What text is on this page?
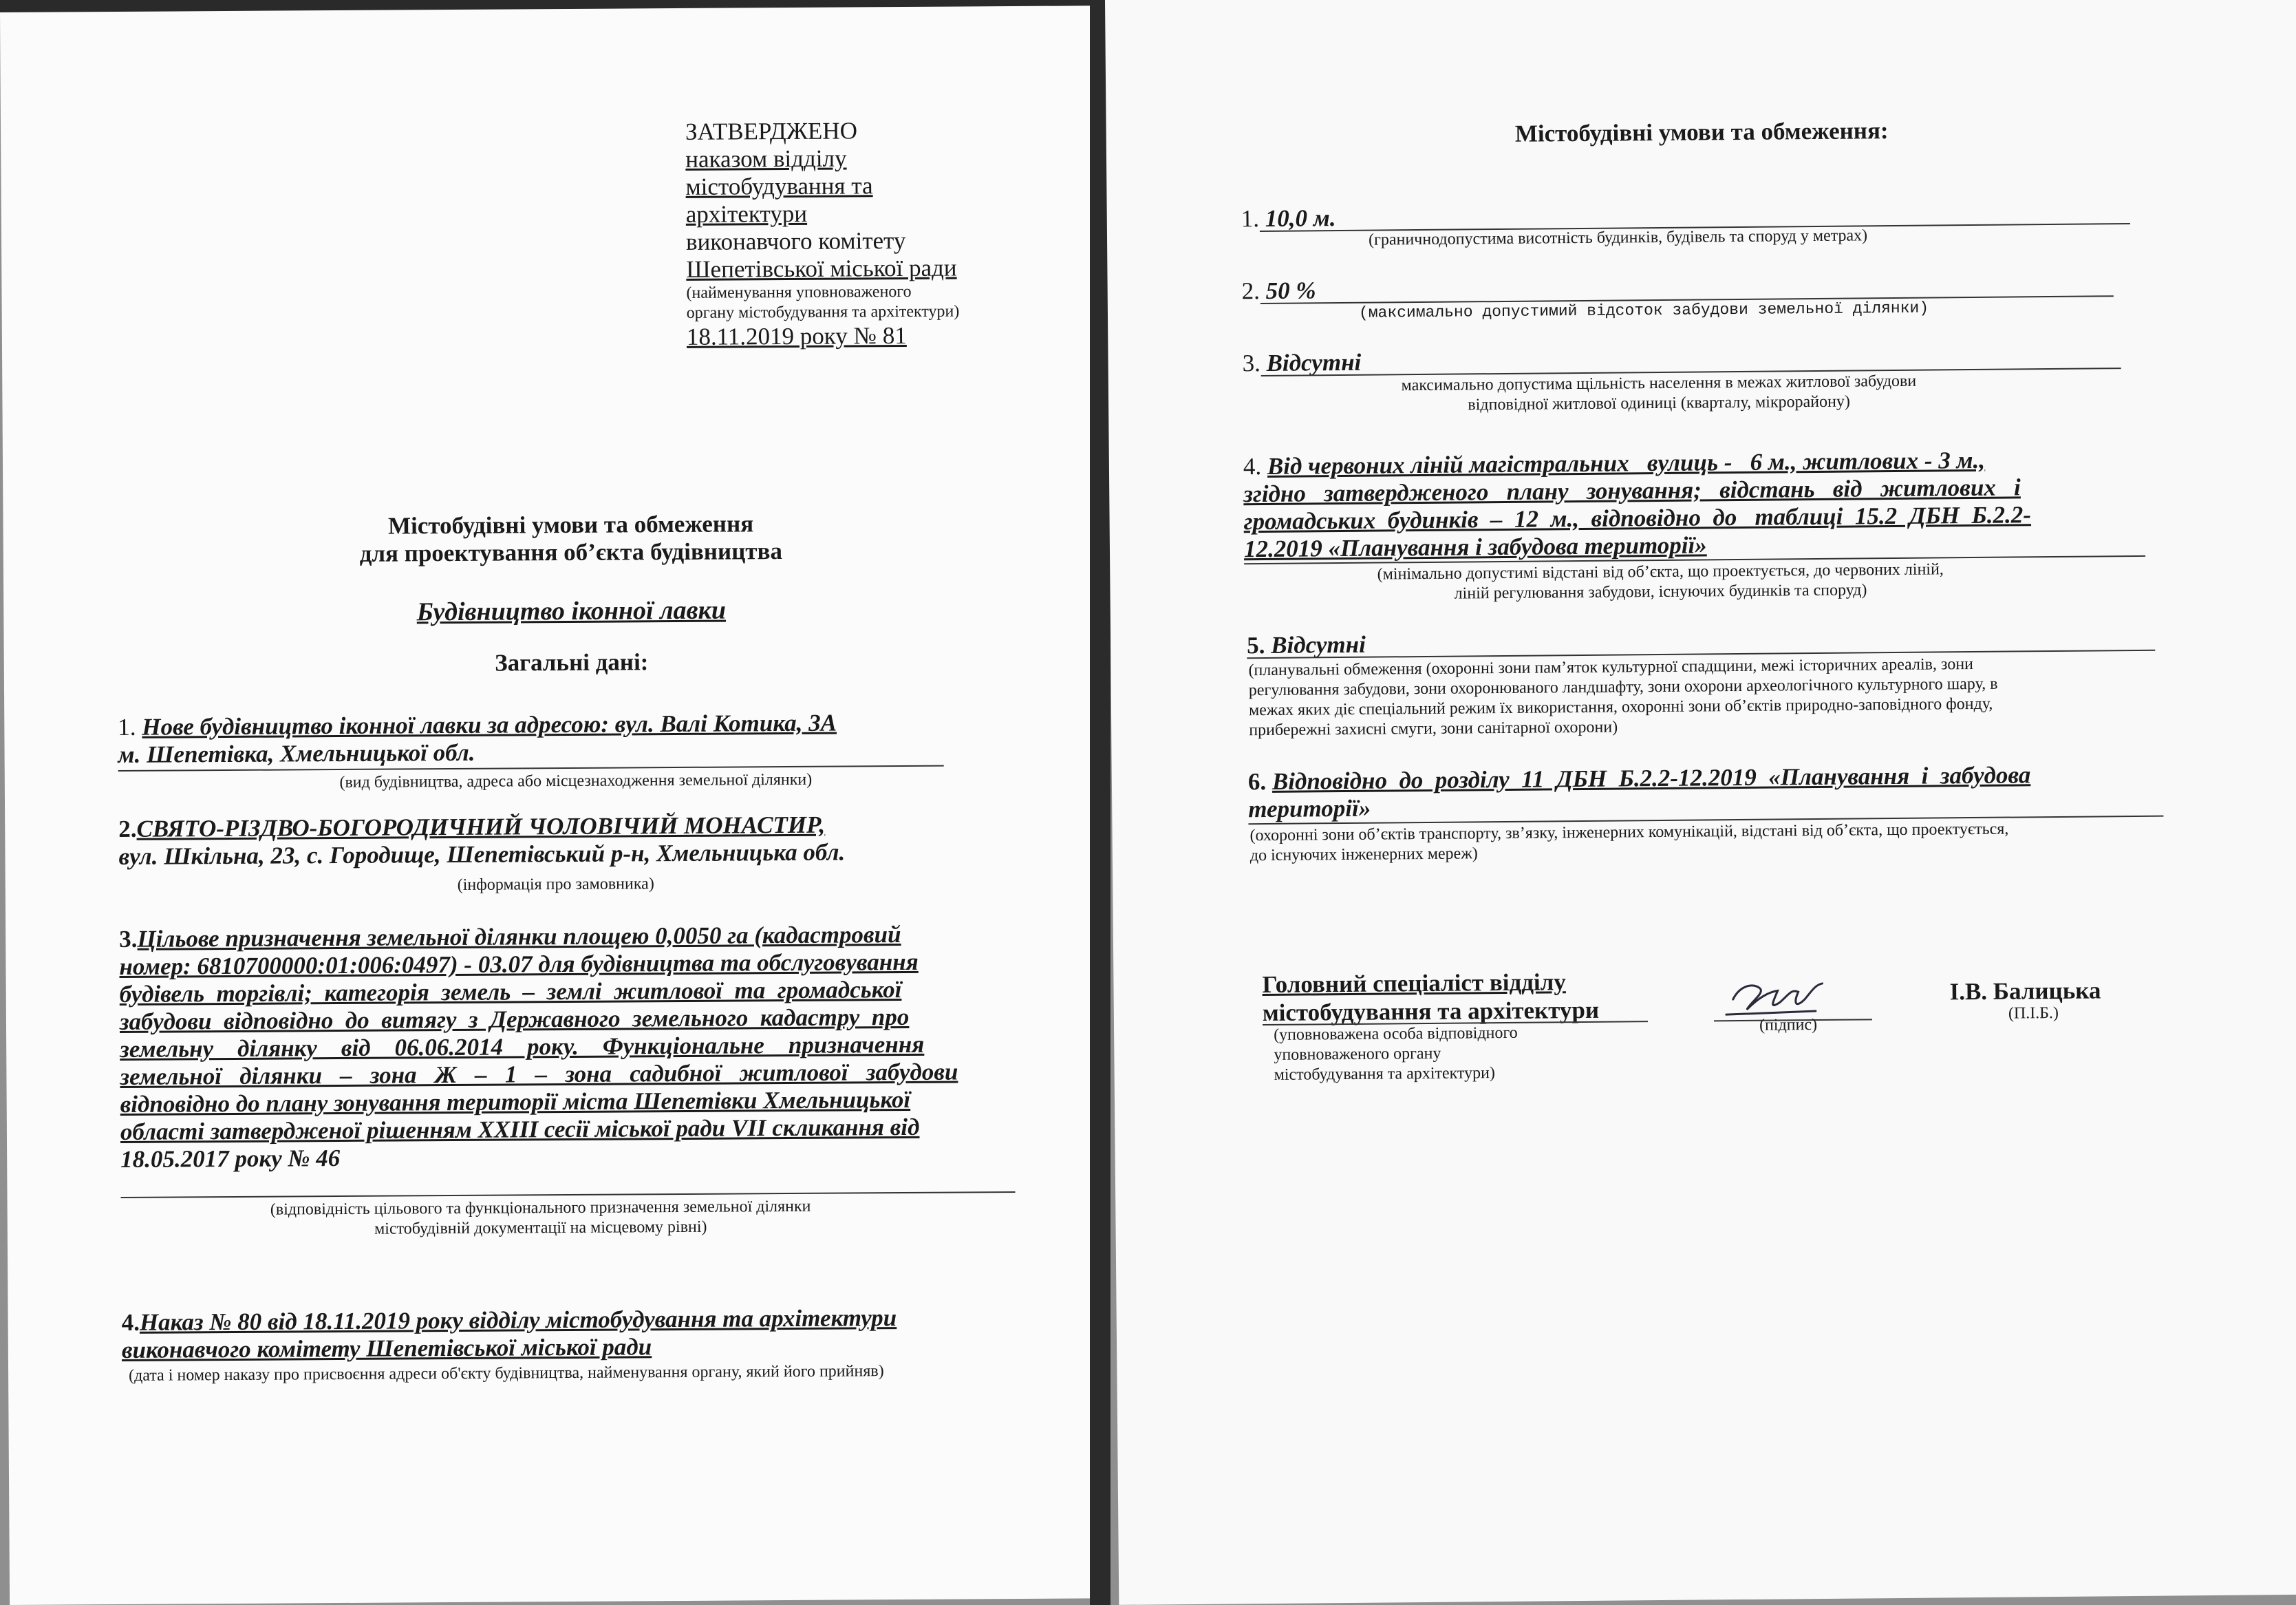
ЗАТВЕРДЖЕНО
наказом відділу
містобудування та
архітектури
виконавчого комітету
Шепетівської міської ради
(найменування уповноваженого
органу містобудування та архітектури)
18.11.2019 року № 81
Містобудівні умови та обмеження
для проектування об’єкта будівництва
Будівництво іконної лавки
Загальні дані:
1. Нове будівництво іконної лавки за адресою: вул. Валі Котика, 3А
м. Шепетівка, Хмельницької обл.
(вид будівництва, адреса або місцезнаходження земельної ділянки)
2.СВЯТО-РІЗДВО-БОГОРОДИЧНИЙ ЧОЛОВІЧИЙ МОНАСТИР,
вул. Шкільна, 23, с. Городище, Шепетівський р-н, Хмельницька обл.
(інформація про замовника)
3.Цільове призначення земельної ділянки площею 0,0050 га (кадастровий
номер: 6810700000:01:006:0497) - 03.07 для будівництва та обслуговування
будівель  торгівлі;  категорія  земель  –  землі  житлової  та  громадської
забудови  відповідно  до  витягу  з  Державного  земельного  кадастру  про
земельну    ділянку    від    06.06.2014    року.    Функціональне    призначення
земельної   ділянки   –   зона   Ж   –   1   –   зона   садибної   житлової   забудови
відповідно до плану зонування території міста Шепетівки Хмельницької
області затвердженої рішенням XXIII сесії міської ради VII скликання від
18.05.2017 року № 46
(відповідність цільового та функціонального призначення земельної ділянки
містобудівній документації на місцевому рівні)
4.Наказ № 80 від 18.11.2019 року відділу містобудування та архітектури
виконавчого комітету Шепетівської міської ради
(дата і номер наказу про присвоєння адреси об'єкту будівництва, найменування органу, який його прийняв)
Містобудівні умови та обмеження:
1. 10,0 м.
(граничнодопустима висотність будинків, будівель та споруд у метрах)
2. 50 %
(максимально допустимий відсоток забудови земельної ділянки)
3. Відсутні
максимально допустима щільність населення в межах житлової забудови
відповідної житлової одиниці (кварталу, мікрорайону)
4. Від червоних ліній магістральних   вулиць -   6 м., житлових - 3 м.,
згідно   затвердженого   плану   зонування;   відстань   від   житлових   і
громадських  будинків  –  12  м.,  відповідно  до   таблиці  15.2  ДБН  Б.2.2-
12.2019 «Планування і забудова території»
(мінімально допустимі відстані від об’єкта, що проектується, до червоних ліній,
ліній регулювання забудови, існуючих будинків та споруд)
5. Відсутні
(планувальні обмеження (охоронні зони пам’яток культурної спадщини, межі історичних ареалів, зони
регулювання забудови, зони охоронюваного ландшафту, зони охорони археологічного культурного шару, в
межах яких діє спеціальний режим їх використання, охоронні зони об’єктів природно-заповідного фонду,
прибережні захисні смуги, зони санітарної охорони)
6. Відповідно  до  розділу  11  ДБН  Б.2.2-12.2019  «Планування  і  забудова
території»
(охоронні зони об’єктів транспорту, зв’язку, інженерних комунікацій, відстані від об’єкта, що проектується,
до існуючих інженерних мереж)
Головний спеціаліст відділу
містобудування та архітектури
(уповноважена особа відповідного
уповноваженого органу
містобудування та архітектури)
(підпис)
І.В. Балицька
(П.І.Б.)
